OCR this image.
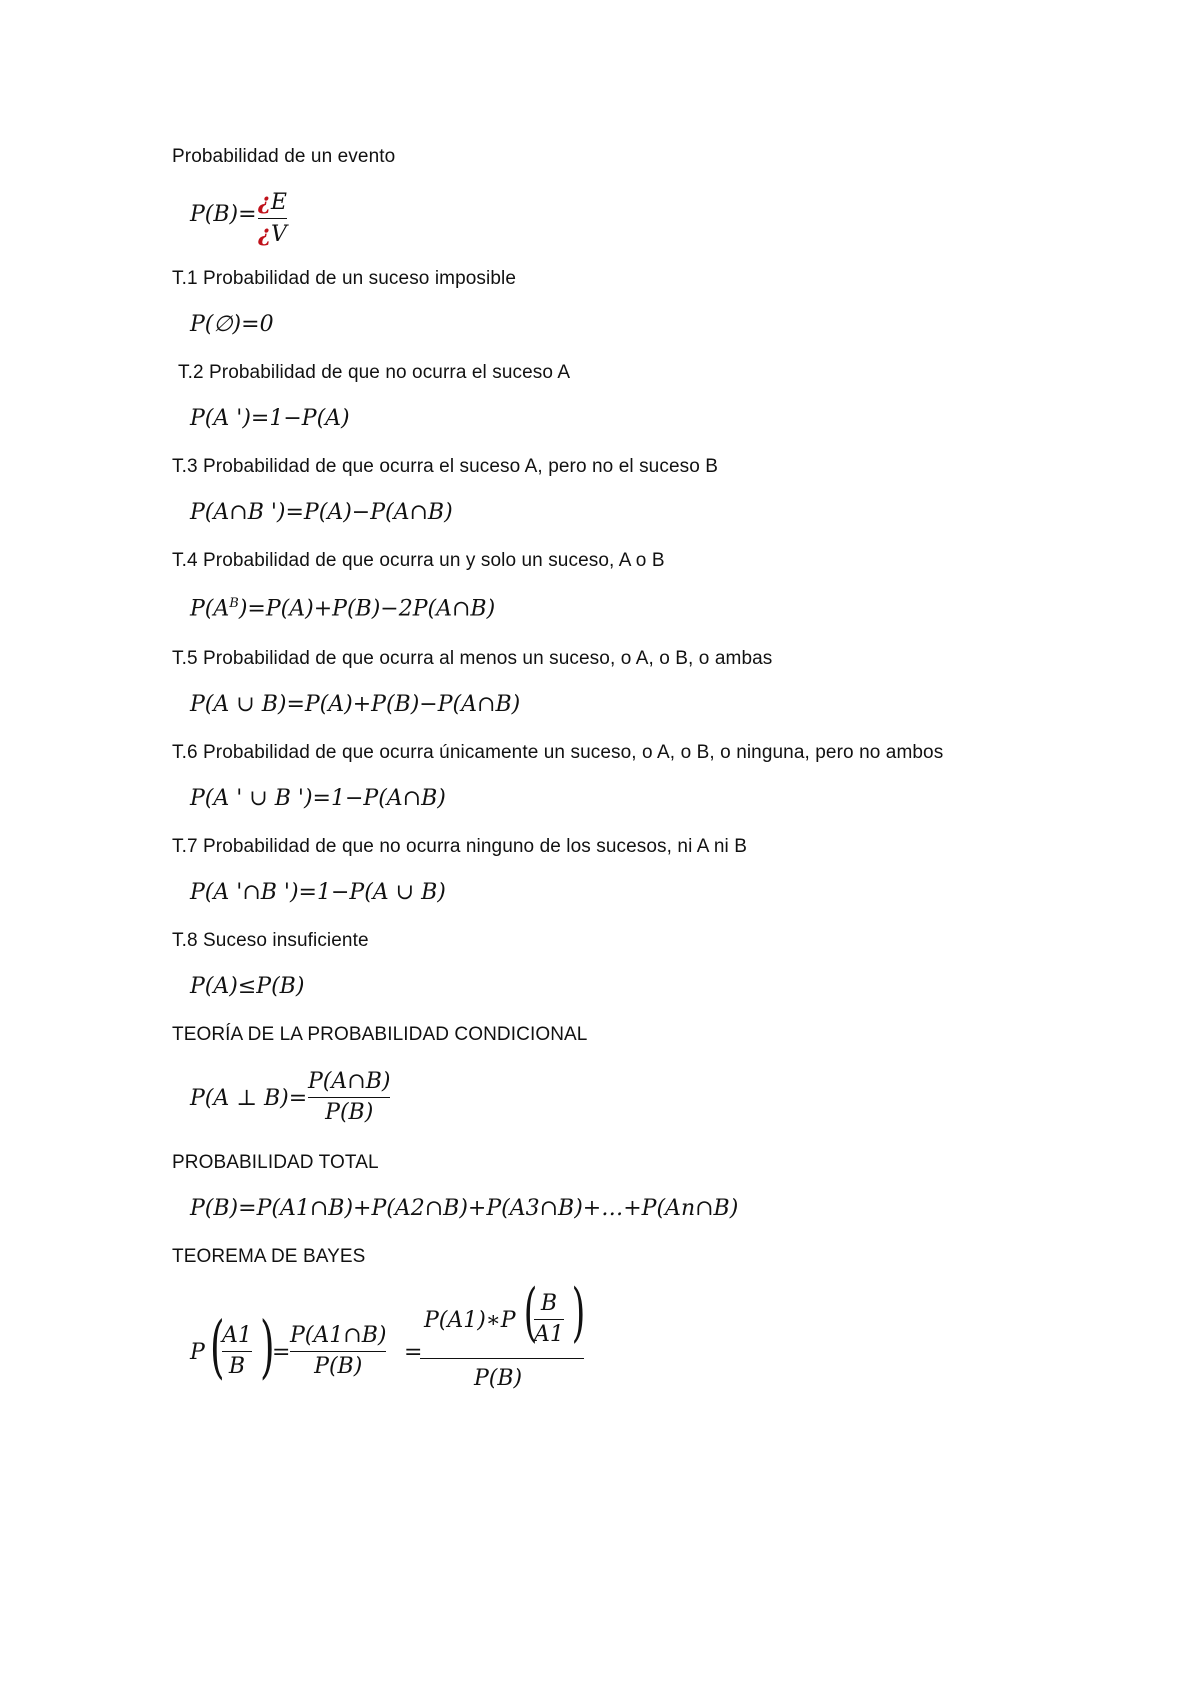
Probabilidad de un evento
P(B)= ¿E
¿V
T.1 Probabilidad de un suceso imposible
P(∅)=0
T.2 Probabilidad de que no ocurra el suceso A
P(A ')=1−P(A)
T.3 Probabilidad de que ocurra el suceso A, pero no el suceso B
P(A∩B ')=P(A)−P(A∩B)
T.4 Probabilidad de que ocurra un y solo un suceso, A o B
$P(A^B)=P(A)+P(B)-2P(A\cap B)$
T.5 Probabilidad de que ocurra al menos un suceso, o A, o B, o ambas
P(A ∪ B)=P(A)+P(B)−P(A∩B)
T.6 Probabilidad de que ocurra únicamente un suceso, o A, o B, o ninguna, pero no ambos
P(A ' ∪ B ')=1−P(A∩B)
T.7 Probabilidad de que no ocurra ninguno de los sucesos, ni A ni B
P(A '∩B ')=1−P(A ∪ B)
T.8 Suceso insuficiente
P(A)≤P(B)
TEORÍA DE LA PROBABILIDAD CONDICIONAL
P(A ⊥ B)=
P(A∩B)
P(B)
PROBABILIDAD TOTAL
P(B)=P(A1∩B)+P(A2∩B)+P(A3∩B)+…+P(An∩B)
TEOREMA DE BAYES
P (
A1
B )
=
P(A1∩B)
P(B)
=
P(A1)∗P ( B
A1 )
P(B)
